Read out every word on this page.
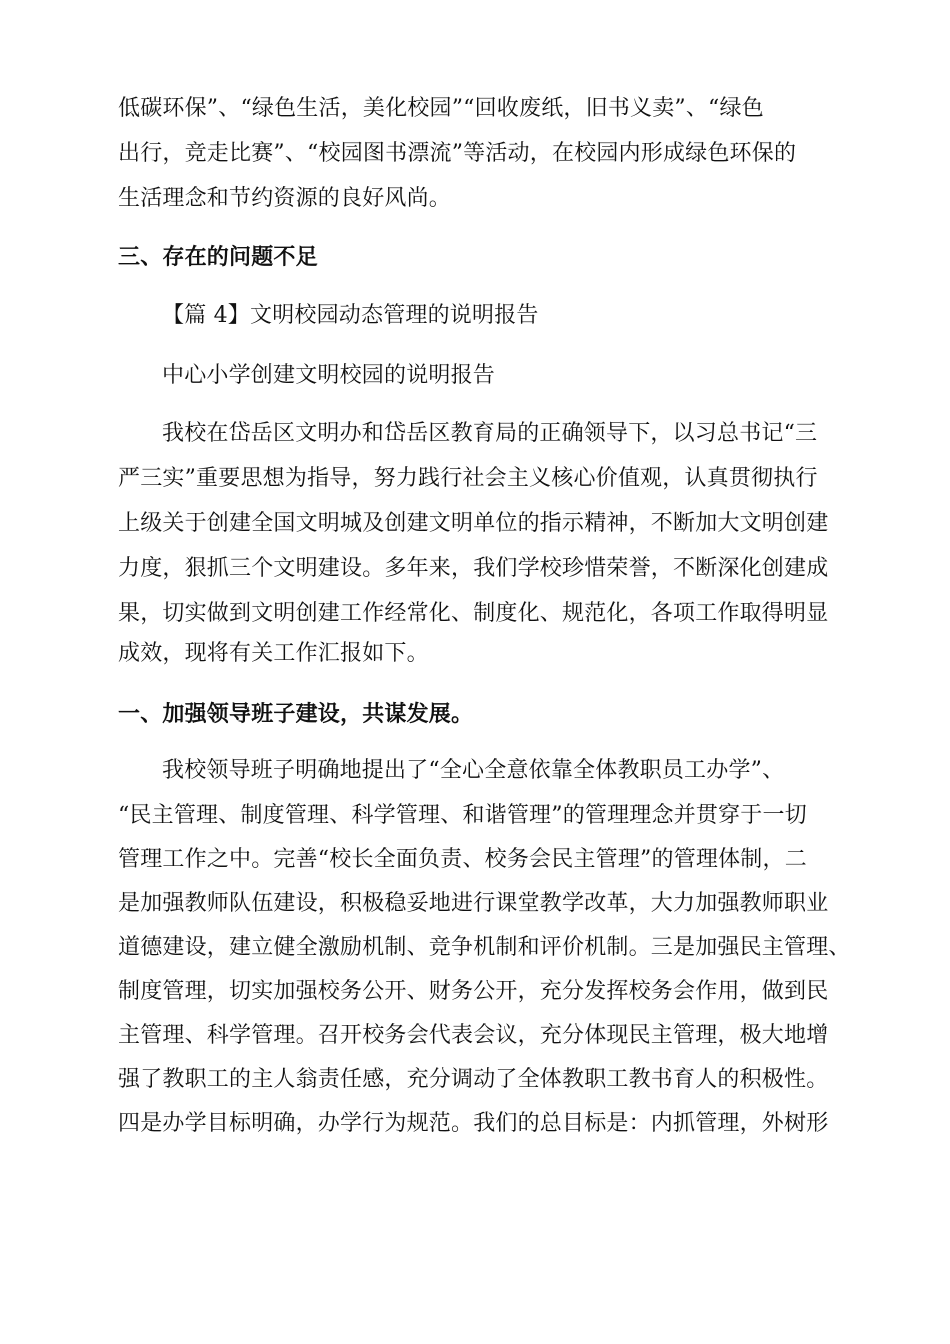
低碳环保”、“绿色生活，美化校园”“回收废纸，旧书义卖”、“绿色
出行，竞走比赛”、“校园图书漂流”等活动，在校园内形成绿色环保的
生活理念和节约资源的良好风尚。
三、存在的问题不足
【篇 4】文明校园动态管理的说明报告
中心小学创建文明校园的说明报告
我校在岱岳区文明办和岱岳区教育局的正确领导下，以习总书记“三
严三实”重要思想为指导，努力践行社会主义核心价值观，认真贯彻执行
上级关于创建全国文明城及创建文明单位的指示精神，不断加大文明创建
力度，狠抓三个文明建设。多年来，我们学校珍惜荣誉，不断深化创建成
果，切实做到文明创建工作经常化、制度化、规范化，各项工作取得明显
成效，现将有关工作汇报如下。
一、加强领导班子建设，共谋发展。
我校领导班子明确地提出了“全心全意依靠全体教职员工办学”、
“民主管理、制度管理、科学管理、和谐管理”的管理理念并贯穿于一切
管理工作之中。完善“校长全面负责、校务会民主管理”的管理体制，二
是加强教师队伍建设，积极稳妥地进行课堂教学改革，大力加强教师职业
道德建设，建立健全激励机制、竞争机制和评价机制。三是加强民主管理、
制度管理，切实加强校务公开、财务公开，充分发挥校务会作用，做到民
主管理、科学管理。召开校务会代表会议，充分体现民主管理，极大地增
强了教职工的主人翁责任感，充分调动了全体教职工教书育人的积极性。
四是办学目标明确，办学行为规范。我们的总目标是：内抓管理，外树形
